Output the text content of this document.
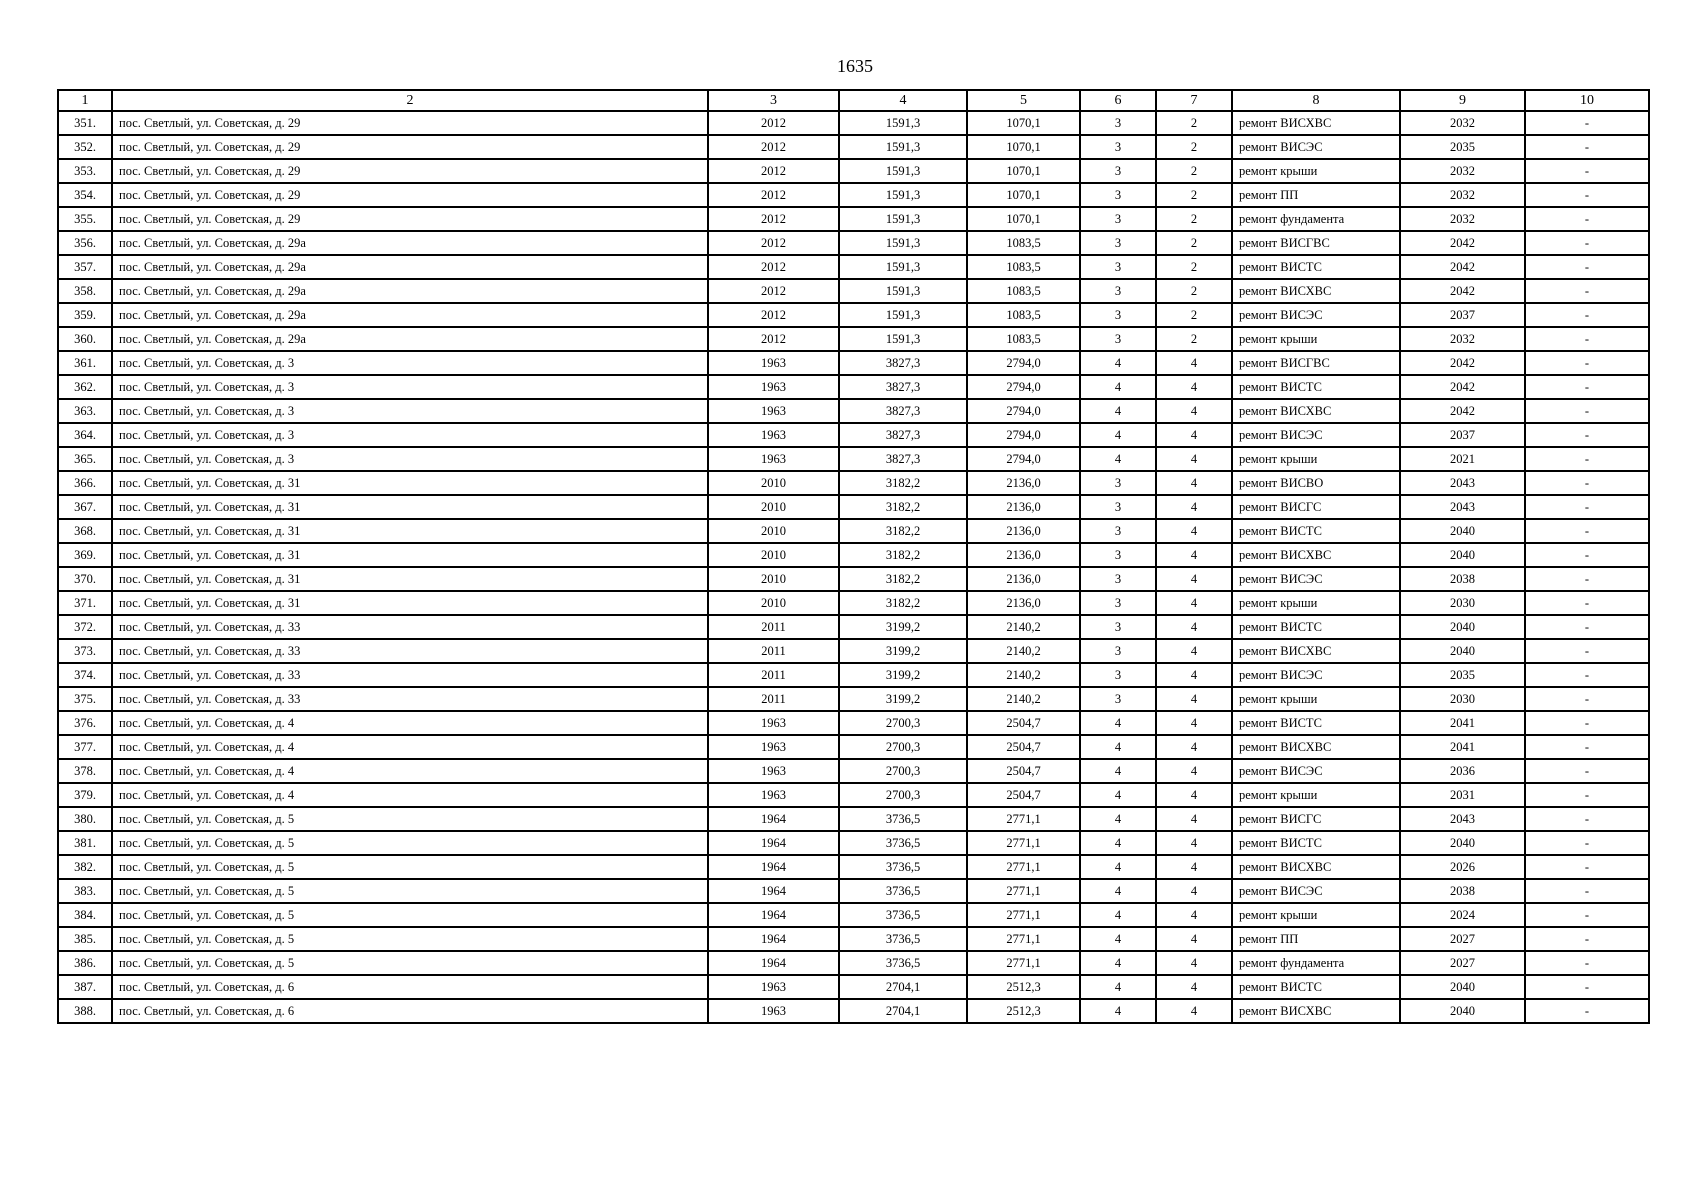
1635
1	2	3	4	5	6	7	8	9	10
351.	пос. Светлый, ул. Советская, д. 29	2012	1591,3	1070,1	3	2	ремонт ВИСХВС	2032	-
352.	пос. Светлый, ул. Советская, д. 29	2012	1591,3	1070,1	3	2	ремонт ВИСЭС	2035	-
353.	пос. Светлый, ул. Советская, д. 29	2012	1591,3	1070,1	3	2	ремонт крыши	2032	-
354.	пос. Светлый, ул. Советская, д. 29	2012	1591,3	1070,1	3	2	ремонт ПП	2032	-
355.	пос. Светлый, ул. Советская, д. 29	2012	1591,3	1070,1	3	2	ремонт фундамента	2032	-
356.	пос. Светлый, ул. Советская, д. 29а	2012	1591,3	1083,5	3	2	ремонт ВИСГВС	2042	-
357.	пос. Светлый, ул. Советская, д. 29а	2012	1591,3	1083,5	3	2	ремонт ВИСТС	2042	-
358.	пос. Светлый, ул. Советская, д. 29а	2012	1591,3	1083,5	3	2	ремонт ВИСХВС	2042	-
359.	пос. Светлый, ул. Советская, д. 29а	2012	1591,3	1083,5	3	2	ремонт ВИСЭС	2037	-
360.	пос. Светлый, ул. Советская, д. 29а	2012	1591,3	1083,5	3	2	ремонт крыши	2032	-
361.	пос. Светлый, ул. Советская, д. 3	1963	3827,3	2794,0	4	4	ремонт ВИСГВС	2042	-
362.	пос. Светлый, ул. Советская, д. 3	1963	3827,3	2794,0	4	4	ремонт ВИСТС	2042	-
363.	пос. Светлый, ул. Советская, д. 3	1963	3827,3	2794,0	4	4	ремонт ВИСХВС	2042	-
364.	пос. Светлый, ул. Советская, д. 3	1963	3827,3	2794,0	4	4	ремонт ВИСЭС	2037	-
365.	пос. Светлый, ул. Советская, д. 3	1963	3827,3	2794,0	4	4	ремонт крыши	2021	-
366.	пос. Светлый, ул. Советская, д. 31	2010	3182,2	2136,0	3	4	ремонт ВИСВО	2043	-
367.	пос. Светлый, ул. Советская, д. 31	2010	3182,2	2136,0	3	4	ремонт ВИСГС	2043	-
368.	пос. Светлый, ул. Советская, д. 31	2010	3182,2	2136,0	3	4	ремонт ВИСТС	2040	-
369.	пос. Светлый, ул. Советская, д. 31	2010	3182,2	2136,0	3	4	ремонт ВИСХВС	2040	-
370.	пос. Светлый, ул. Советская, д. 31	2010	3182,2	2136,0	3	4	ремонт ВИСЭС	2038	-
371.	пос. Светлый, ул. Советская, д. 31	2010	3182,2	2136,0	3	4	ремонт крыши	2030	-
372.	пос. Светлый, ул. Советская, д. 33	2011	3199,2	2140,2	3	4	ремонт ВИСТС	2040	-
373.	пос. Светлый, ул. Советская, д. 33	2011	3199,2	2140,2	3	4	ремонт ВИСХВС	2040	-
374.	пос. Светлый, ул. Советская, д. 33	2011	3199,2	2140,2	3	4	ремонт ВИСЭС	2035	-
375.	пос. Светлый, ул. Советская, д. 33	2011	3199,2	2140,2	3	4	ремонт крыши	2030	-
376.	пос. Светлый, ул. Советская, д. 4	1963	2700,3	2504,7	4	4	ремонт ВИСТС	2041	-
377.	пос. Светлый, ул. Советская, д. 4	1963	2700,3	2504,7	4	4	ремонт ВИСХВС	2041	-
378.	пос. Светлый, ул. Советская, д. 4	1963	2700,3	2504,7	4	4	ремонт ВИСЭС	2036	-
379.	пос. Светлый, ул. Советская, д. 4	1963	2700,3	2504,7	4	4	ремонт крыши	2031	-
380.	пос. Светлый, ул. Советская, д. 5	1964	3736,5	2771,1	4	4	ремонт ВИСГС	2043	-
381.	пос. Светлый, ул. Советская, д. 5	1964	3736,5	2771,1	4	4	ремонт ВИСТС	2040	-
382.	пос. Светлый, ул. Советская, д. 5	1964	3736,5	2771,1	4	4	ремонт ВИСХВС	2026	-
383.	пос. Светлый, ул. Советская, д. 5	1964	3736,5	2771,1	4	4	ремонт ВИСЭС	2038	-
384.	пос. Светлый, ул. Советская, д. 5	1964	3736,5	2771,1	4	4	ремонт крыши	2024	-
385.	пос. Светлый, ул. Советская, д. 5	1964	3736,5	2771,1	4	4	ремонт ПП	2027	-
386.	пос. Светлый, ул. Советская, д. 5	1964	3736,5	2771,1	4	4	ремонт фундамента	2027	-
387.	пос. Светлый, ул. Советская, д. 6	1963	2704,1	2512,3	4	4	ремонт ВИСТС	2040	-
388.	пос. Светлый, ул. Советская, д. 6	1963	2704,1	2512,3	4	4	ремонт ВИСХВС	2040	-
